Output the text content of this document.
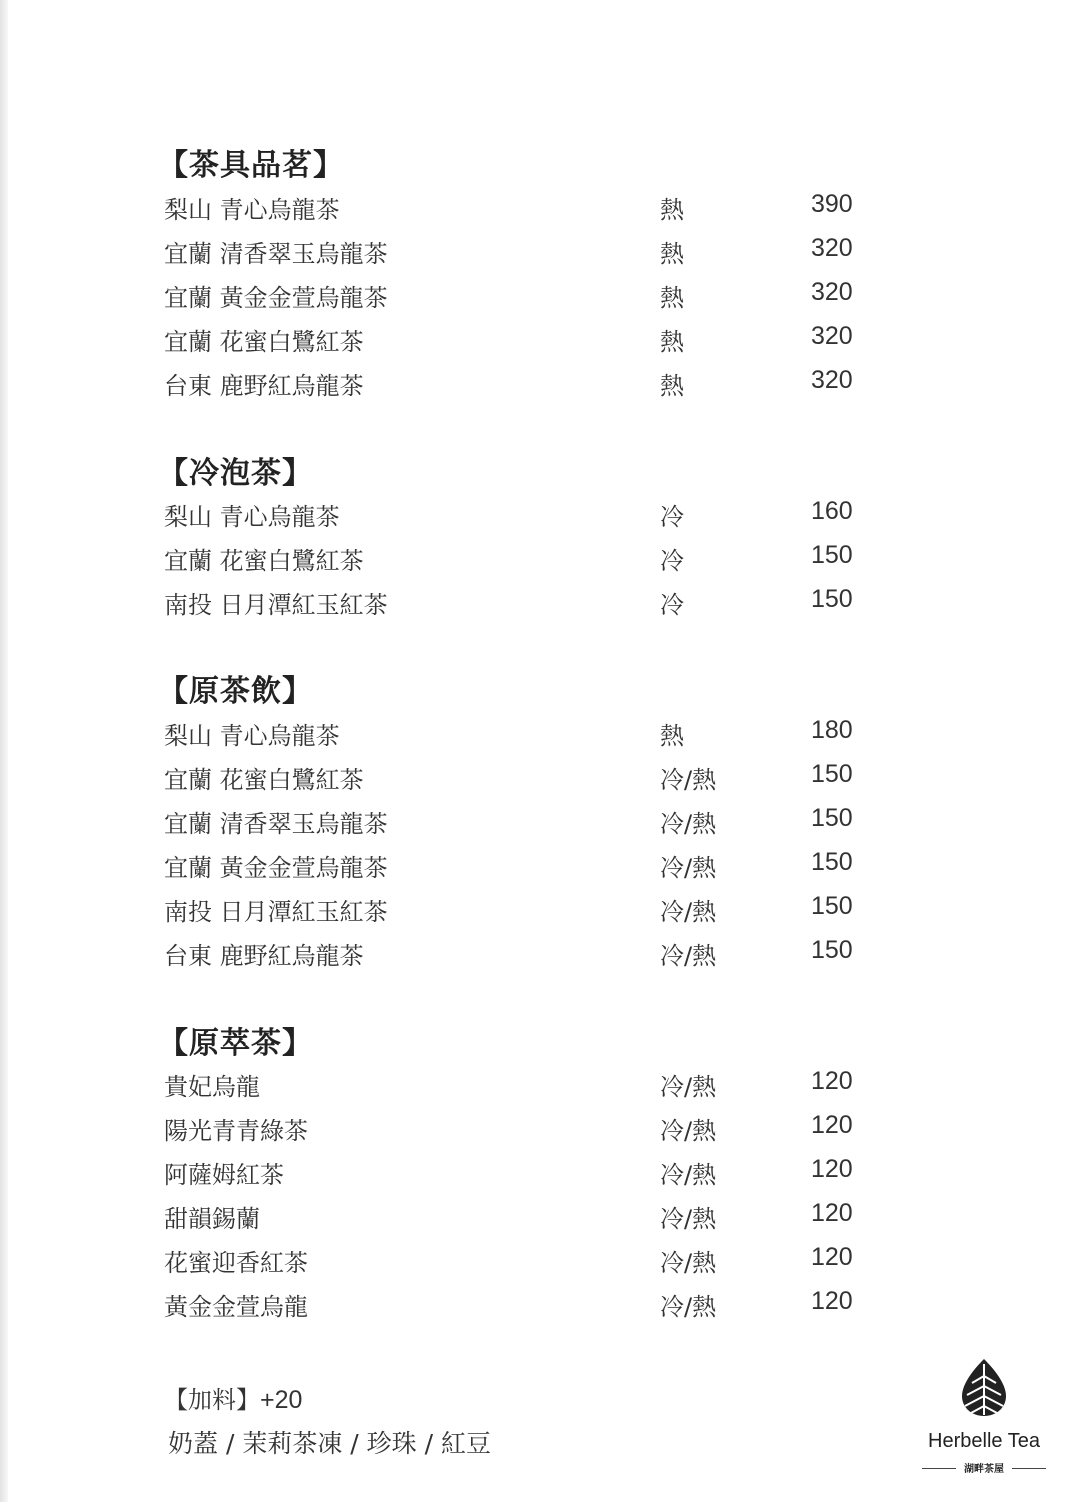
【茶具品茗】
梨山 青心烏龍茶	熱	390
宜蘭 清香翠玉烏龍茶	熱	320
宜蘭 黃金金萱烏龍茶	熱	320
宜蘭 花蜜白鷺紅茶	熱	320
台東 鹿野紅烏龍茶	熱	320
【冷泡茶】
梨山 青心烏龍茶	冷	160
宜蘭 花蜜白鷺紅茶	冷	150
南投 日月潭紅玉紅茶	冷	150
【原茶飲】
梨山 青心烏龍茶	熱	180
宜蘭 花蜜白鷺紅茶	冷/熱	150
宜蘭 清香翠玉烏龍茶	冷/熱	150
宜蘭 黃金金萱烏龍茶	冷/熱	150
南投 日月潭紅玉紅茶	冷/熱	150
台東 鹿野紅烏龍茶	冷/熱	150
【原萃茶】
貴妃烏龍	冷/熱	120
陽光青青綠茶	冷/熱	120
阿薩姆紅茶	冷/熱	120
甜韻錫蘭	冷/熱	120
花蜜迎香紅茶	冷/熱	120
黃金金萱烏龍	冷/熱	120
【加料】+20
奶蓋 / 茉莉茶凍 / 珍珠 / 紅豆	Herbelle Tea
湖畔茶屋
